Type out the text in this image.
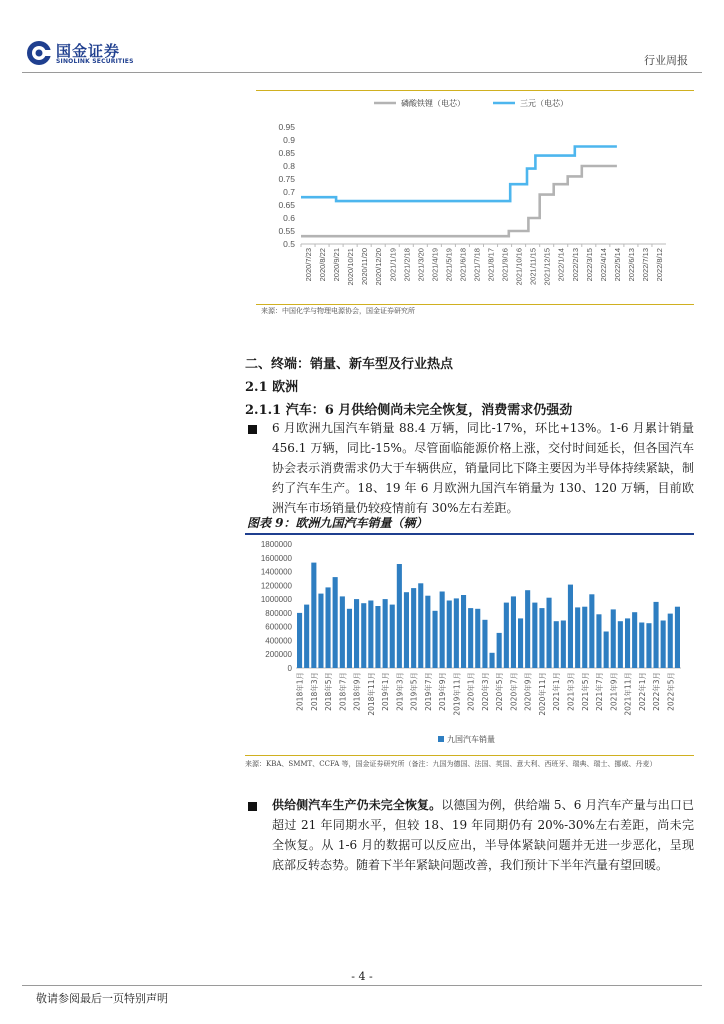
国金证券
SINOLINK SECURITIES	行业周报
磷酸铁锂（电芯）	三元（电芯）
0.5
0.55
0.6
0.65
0.7
0.75
0.8
0.85
0.9
0.95
2020/7/23 2020/8/22 2020/9/21 2020/10/21 2020/11/20 2020/12/20 2021/1/19 2021/2/18 2021/3/20 2021/4/19 2021/5/19 2021/6/18 2021/7/18 2021/8/17 2021/9/16 2021/10/16 2021/11/15 2021/12/15 2022/1/14 2022/2/13 2022/3/15 2022/4/14 2022/5/14 2022/6/13 2022/7/13 2022/8/12
来源：中国化学与物理电源协会，国金证券研究所
二、终端：销量、新车型及行业热点
2.1 欧洲
2.1.1 汽车：6 月供给侧尚未完全恢复，消费需求仍强劲
6 月欧洲九国汽车销量 88.4 万辆，同比-17%，环比+13%。1-6 月累计销量 456.1 万辆，同比-15%。尽管面临能源价格上涨，交付时间延长，但各国汽车协会表示消费需求仍大于车辆供应，销量同比下降主要因为半导体持续紧缺，制约了汽车生产。18、19 年 6 月欧洲九国汽车销量为 130、120 万辆，目前欧洲汽车市场销量仍较疫情前有 30%左右差距。
图表 9：欧洲九国汽车销量（辆）
0
200000
400000
600000
800000
1000000
1200000
1400000
1600000
1800000
2018年1月 2018年3月 2018年5月 2018年7月 2018年9月 2018年11月 2019年1月 2019年3月 2019年5月 2019年7月 2019年9月 2019年11月 2020年1月 2020年3月 2020年5月 2020年7月 2020年9月 2020年11月 2021年1月 2021年3月 2021年5月 2021年7月 2021年9月 2021年11月 2022年1月 2022年3月 2022年5月
九国汽车销量
来源：KBA、SMMT、CCFA 等，国金证券研究所（备注：九国为德国、法国、英国、意大利、西班牙、瑞典、瑞士、挪威、丹麦）
供给侧汽车生产仍未完全恢复。以德国为例，供给端 5、6 月汽车产量与出口已超过 21 年同期水平，但较 18、19 年同期仍有 20%-30%左右差距，尚未完全恢复。从 1-6 月的数据可以反应出，半导体紧缺问题并无进一步恶化，呈现底部反转态势。随着下半年紧缺问题改善，我们预计下半年汽量有望回暖。
- 4 -
敬请参阅最后一页特别声明
